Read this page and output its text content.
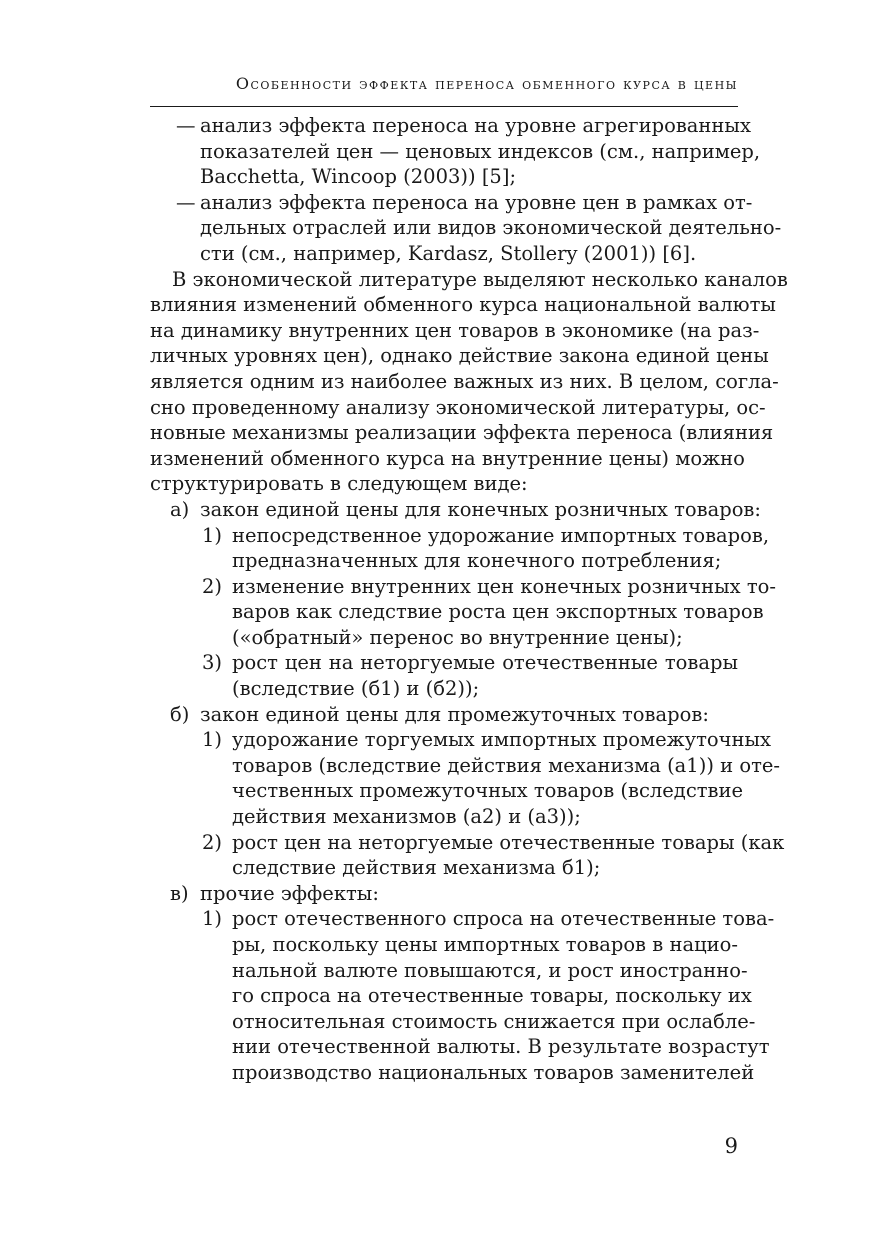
Особенности эффекта переноса обменного курса в цены
— анализ эффекта переноса на уровне агрегированных
показателей цен — ценовых индексов (см., например,
Bacchetta, Wincoop (2003)) [5];
— анализ эффекта переноса на уровне цен в рамках от-
дельных отраслей или видов экономической деятельно-
сти (см., например, Kardasz, Stollery (2001)) [6].
В экономической литературе выделяют несколько каналов
влияния изменений обменного курса национальной валюты
на динамику внутренних цен товаров в экономике (на раз-
личных уровнях цен), однако действие закона единой цены
является одним из наиболее важных из них. В целом, согла-
сно проведенному анализу экономической литературы, ос-
новные механизмы реализации эффекта переноса (влияния
изменений обменного курса на внутренние цены) можно
структурировать в следующем виде:
а) закон единой цены для конечных розничных товаров:
1) непосредственное удорожание импортных товаров,
предназначенных для конечного потребления;
2) изменение внутренних цен конечных розничных то-
варов как следствие роста цен экспортных товаров
(«обратный» перенос во внутренние цены);
3) рост цен на неторгуемые отечественные товары
(вследствие (б1) и (б2));
б) закон единой цены для промежуточных товаров:
1) удорожание торгуемых импортных промежуточных
товаров (вследствие действия механизма (а1)) и оте-
чественных промежуточных товаров (вследствие
действия механизмов (а2) и (а3));
2) рост цен на неторгуемые отечественные товары (как
следствие действия механизма б1);
в) прочие эффекты:
1) рост отечественного спроса на отечественные това-
ры, поскольку цены импортных товаров в нацио-
нальной валюте повышаются, и рост иностранно-
го спроса на отечественные товары, поскольку их
относительная стоимость снижается при ослабле-
нии отечественной валюты. В результате возрастут
производство национальных товаров заменителей
9
